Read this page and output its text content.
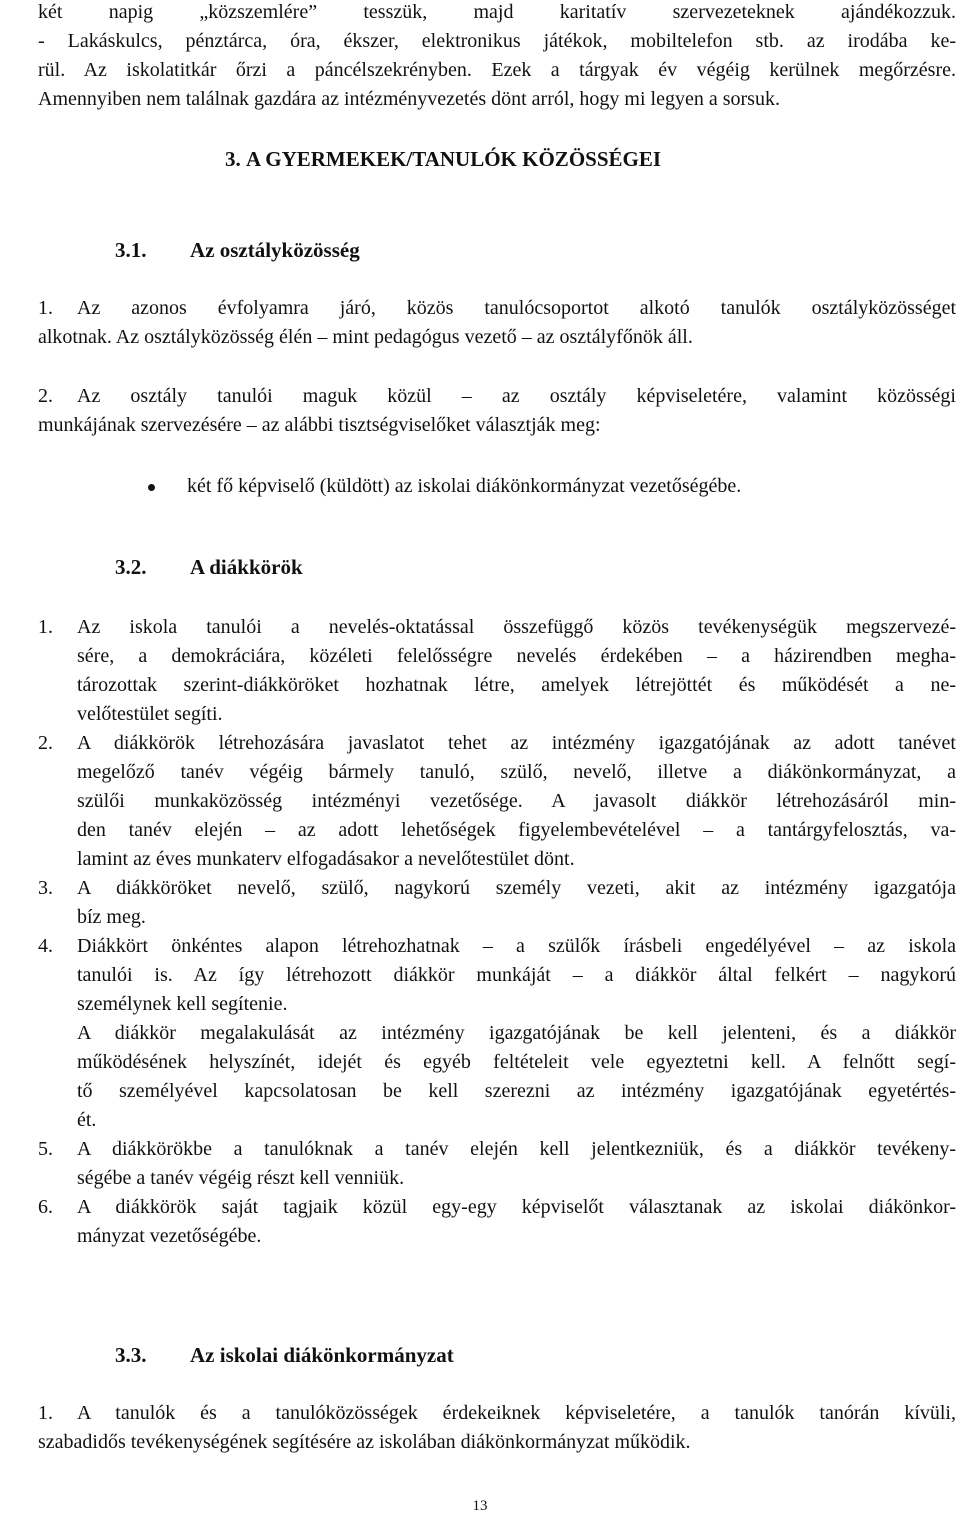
két napig „közszemlére” tesszük, majd karitatív szervezeteknek ajándékozzuk.
- Lakáskulcs, pénztárca, óra, ékszer, elektronikus játékok, mobiltelefon stb. az irodába ke-
rül. Az iskolatitkár őrzi a páncélszekrényben. Ezek a tárgyak év végéig kerülnek megőrzésre.
Amennyiben nem találnak gazdára az intézményvezetés dönt arról, hogy mi legyen a sorsuk.
3. A GYERMEKEK/TANULÓK KÖZÖSSÉGEI
3.1. Az osztályközösség
1. Az azonos évfolyamra járó, közös tanulócsoportot alkotó tanulók osztályközösséget
alkotnak. Az osztályközösség élén – mint pedagógus vezető – az osztályfőnök áll.
2. Az osztály tanulói maguk közül – az osztály képviseletére, valamint közösségi
munkájának szervezésére – az alábbi tisztségviselőket választják meg:
két fő képviselő (küldött) az iskolai diákönkormányzat vezetőségébe.
3.2. A diákkörök
1. Az iskola tanulói a nevelés-oktatással összefüggő közös tevékenységük megszervezé-
sére, a demokráciára, közéleti felelősségre nevelés érdekében – a házirendben megha-
tározottak szerint-diákköröket hozhatnak létre, amelyek létrejöttét és működését a ne-
velőtestület segíti.
2. A diákkörök létrehozására javaslatot tehet az intézmény igazgatójának az adott tanévet
megelőző tanév végéig bármely tanuló, szülő, nevelő, illetve a diákönkormányzat, a
szülői munkaközösség intézményi vezetősége. A javasolt diákkör létrehozásáról min-
den tanév elején – az adott lehetőségek figyelembevételével – a tantárgyfelosztás, va-
lamint az éves munkaterv elfogadásakor a nevelőtestület dönt.
3. A diákköröket nevelő, szülő, nagykorú személy vezeti, akit az intézmény igazgatója
bíz meg.
4. Diákkört önkéntes alapon létrehozhatnak – a szülők írásbeli engedélyével – az iskola
tanulói is. Az így létrehozott diákkör munkáját – a diákkör által felkért – nagykorú
személynek kell segítenie.
A diákkör megalakulását az intézmény igazgatójának be kell jelenteni, és a diákkör
működésének helyszínét, idejét és egyéb feltételeit vele egyeztetni kell. A felnőtt segí-
tő személyével kapcsolatosan be kell szerezni az intézmény igazgatójának egyetértés-
ét.
5. A diákkörökbe a tanulóknak a tanév elején kell jelentkezniük, és a diákkör tevékeny-
ségébe a tanév végéig részt kell venniük.
6. A diákkörök saját tagjaik közül egy-egy képviselőt választanak az iskolai diákönkor-
mányzat vezetőségébe.
3.3. Az iskolai diákönkormányzat
1. A tanulók és a tanulóközösségek érdekeiknek képviseletére, a tanulók tanórán kívüli,
szabadidős tevékenységének segítésére az iskolában diákönkormányzat működik.
13
